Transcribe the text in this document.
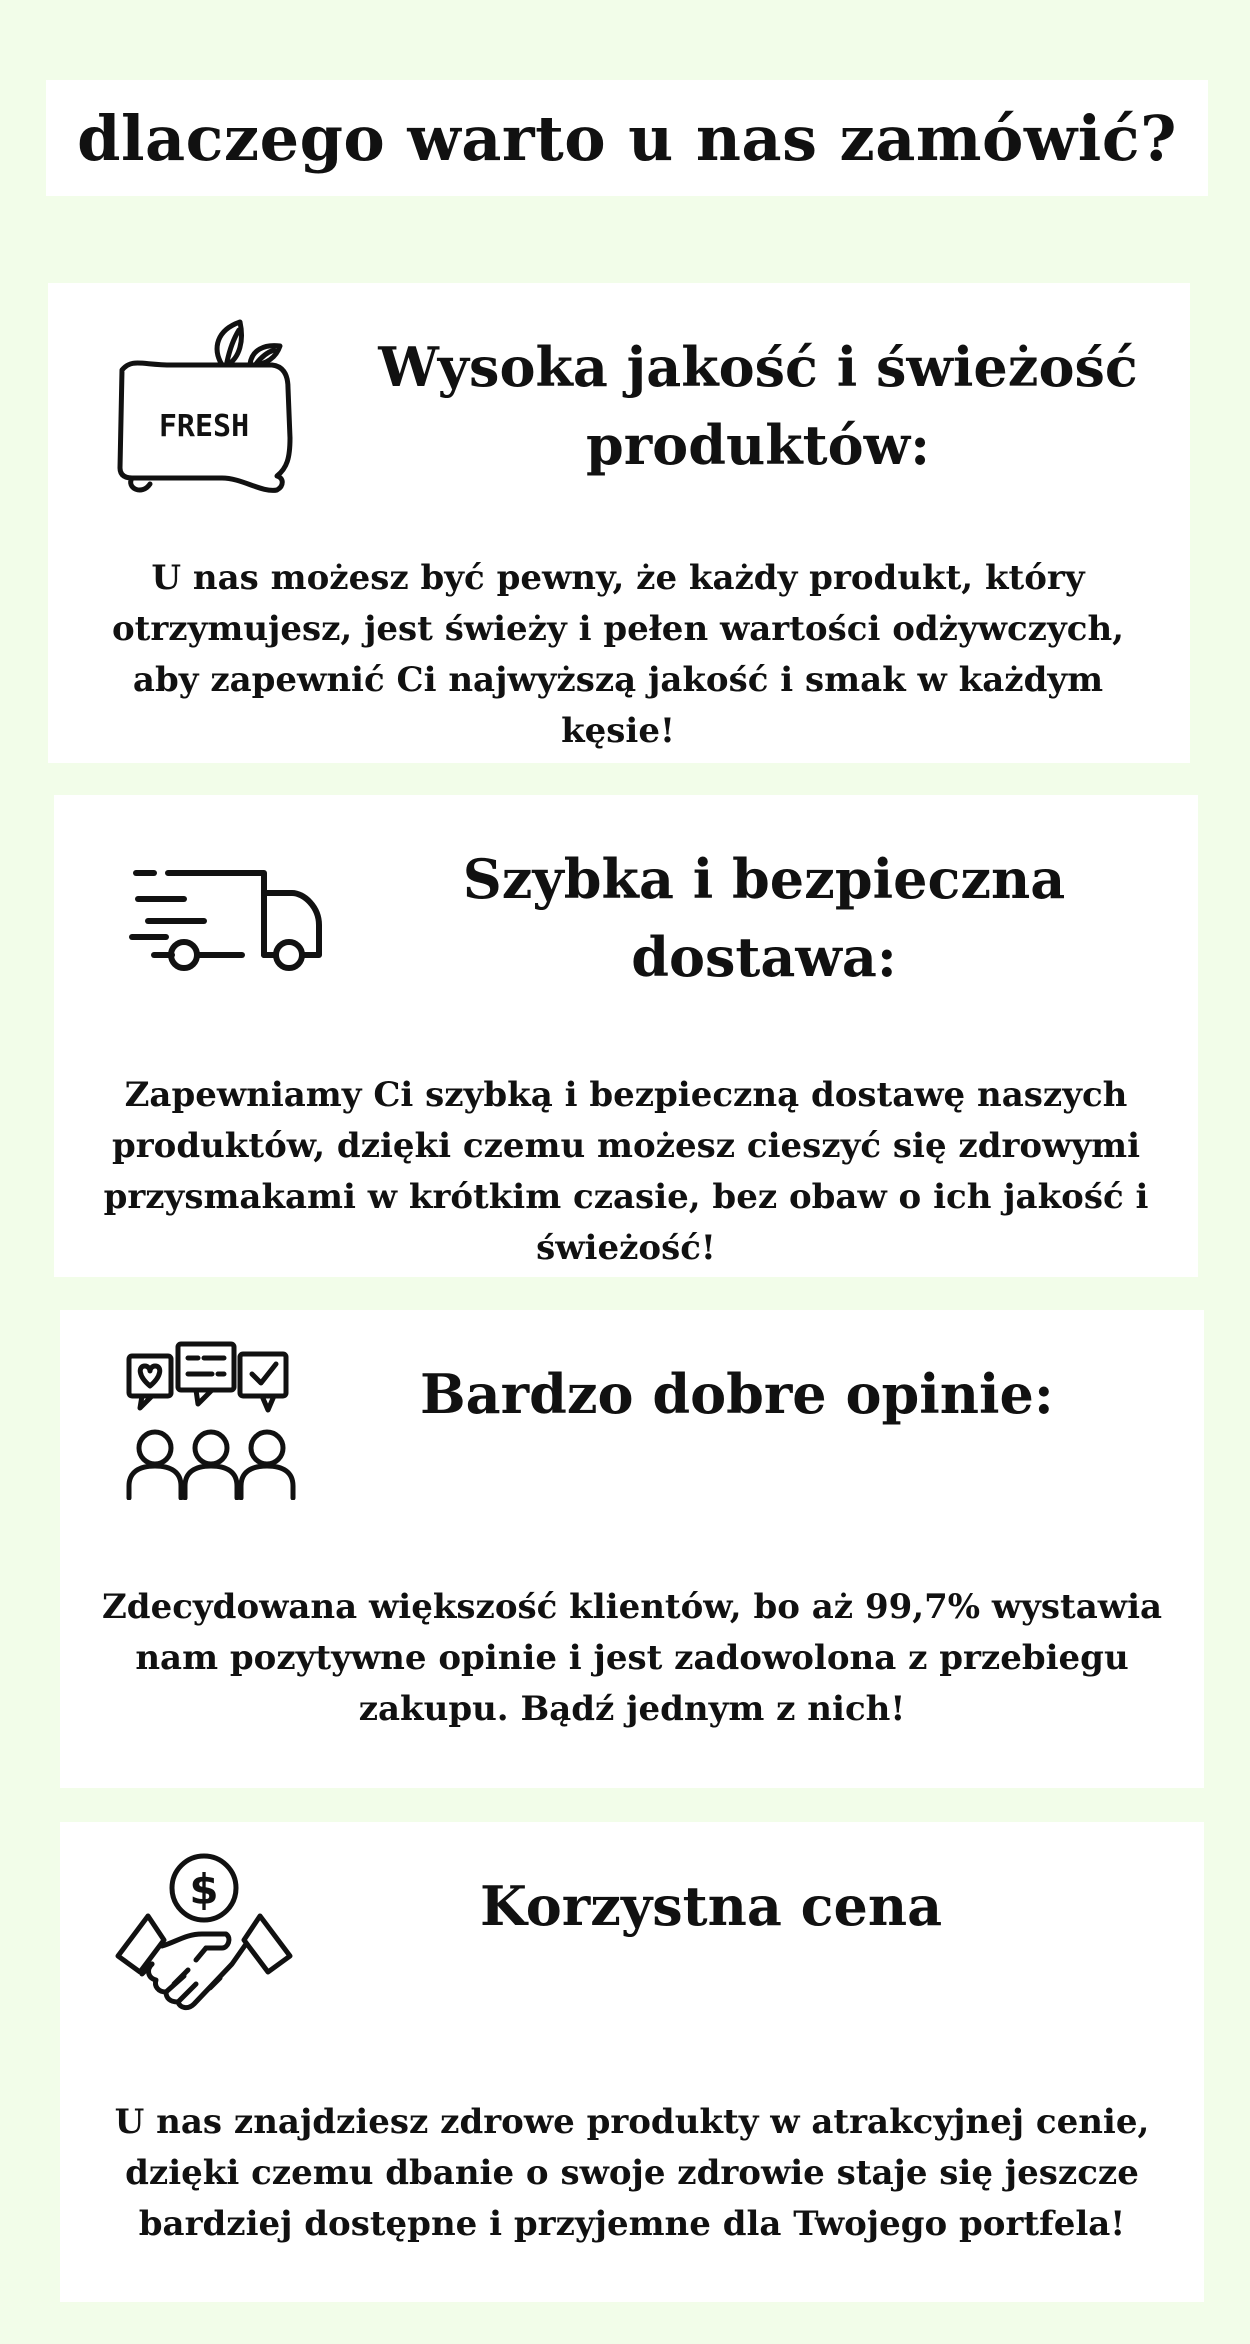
dlaczego warto u nas zamówić?
FRESH
Wysoka jakość i świeżość produktów:

U nas możesz być pewny, że każdy produkt, który otrzymujesz, jest świeży i pełen wartości odżywczych, aby zapewnić Ci najwyższą jakość i smak w każdym kęsie!

Szybka i bezpieczna dostawa:

Zapewniamy Ci szybką i bezpieczną dostawę naszych produktów, dzięki czemu możesz cieszyć się zdrowymi przysmakami w krótkim czasie, bez obaw o ich jakość i świeżość!

Bardzo dobre opinie:

Zdecydowana większość klientów, bo aż 99,7% wystawia nam pozytywne opinie i jest zadowolona z przebiegu zakupu. Bądź jednym z nich!

$	Korzystna cena

U nas znajdziesz zdrowe produkty w atrakcyjnej cenie, dzięki czemu dbanie o swoje zdrowie staje się jeszcze bardziej dostępne i przyjemne dla Twojego portfela!
